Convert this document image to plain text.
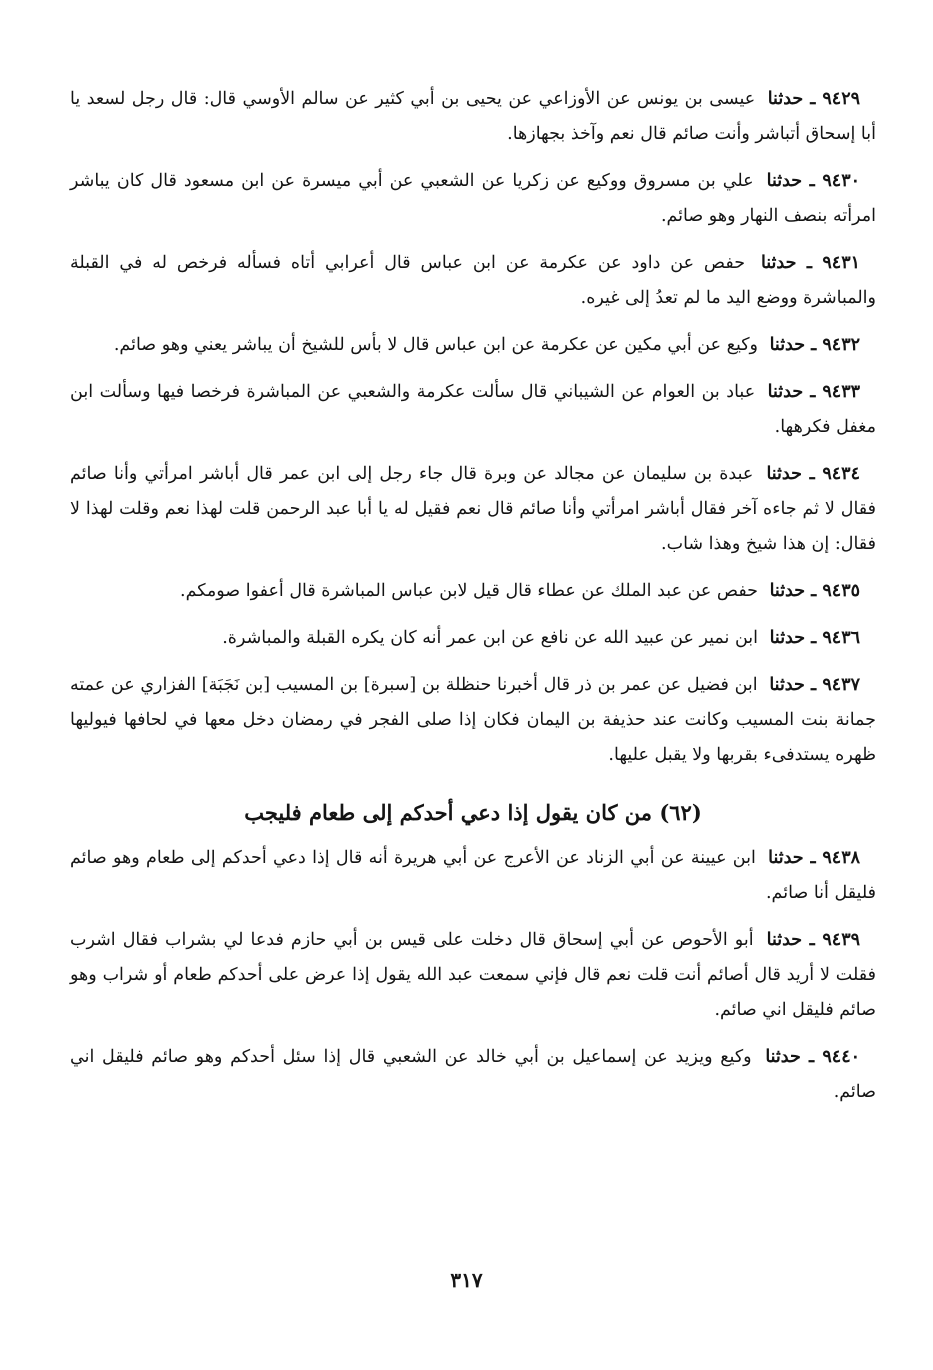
٩٤٢٩ ـ حدثنا عيسى بن يونس عن الأوزاعي عن يحيى بن أبي كثير عن سالم الأوسي قال: قال رجل لسعد يا أبا إسحاق أتباشر وأنت صائم قال نعم وآخذ بجهازها.

٩٤٣٠ ـ حدثنا علي بن مسروق ووكيع عن زكريا عن الشعبي عن أبي ميسرة عن ابن مسعود قال كان يباشر امرأته بنصف النهار وهو صائم.

٩٤٣١ ـ حدثنا حفص عن داود عن عكرمة عن ابن عباس قال أعرابي أتاه فسأله فرخص له في القبلة والمباشرة ووضع اليد ما لم تعدُ إلى غيره.

٩٤٣٢ ـ حدثنا وكيع عن أبي مكين عن عكرمة عن ابن عباس قال لا بأس للشيخ أن يباشر يعني وهو صائم.

٩٤٣٣ ـ حدثنا عباد بن العوام عن الشيباني قال سألت عكرمة والشعبي عن المباشرة فرخصا فيها وسألت ابن مغفل فكرهها.

٩٤٣٤ ـ حدثنا عبدة بن سليمان عن مجالد عن وبرة قال جاء رجل إلى ابن عمر قال أباشر امرأتي وأنا صائم فقال لا ثم جاءه آخر فقال أباشر امرأتي وأنا صائم قال نعم فقيل له يا أبا عبد الرحمن قلت لهذا نعم وقلت لهذا لا فقال: إن هذا شيخ وهذا شاب.

٩٤٣٥ ـ حدثنا حفص عن عبد الملك عن عطاء قال قيل لابن عباس المباشرة قال أعفوا صومكم.

٩٤٣٦ ـ حدثنا ابن نمير عن عبيد الله عن نافع عن ابن عمر أنه كان يكره القبلة والمباشرة.

٩٤٣٧ ـ حدثنا ابن فضيل عن عمر بن ذر قال أخبرنا حنظلة بن [سبرة] بن المسيب [بن نَجَبَة] الفزاري عن عمته جمانة بنت المسيب وكانت عند حذيفة بن اليمان فكان إذا صلى الفجر في رمضان دخل معها في لحافها فيوليها ظهره يستدفىء بقربها ولا يقبل عليها.

(٦٢) من كان يقول إذا دعي أحدكم إلى طعام فليجب

٩٤٣٨ ـ حدثنا ابن عيينة عن أبي الزناد عن الأعرج عن أبي هريرة أنه قال إذا دعي أحدكم إلى طعام وهو صائم فليقل أنا صائم.

٩٤٣٩ ـ حدثنا أبو الأحوص عن أبي إسحاق قال دخلت على قيس بن أبي حازم فدعا لي بشراب فقال اشرب فقلت لا أريد قال أصائم أنت قلت نعم قال فإني سمعت عبد الله يقول إذا عرض على أحدكم طعام أو شراب وهو صائم فليقل اني صائم.

٩٤٤٠ ـ حدثنا وكيع ويزيد عن إسماعيل بن أبي خالد عن الشعبي قال إذا سئل أحدكم وهو صائم فليقل اني صائم.

٣١٧
